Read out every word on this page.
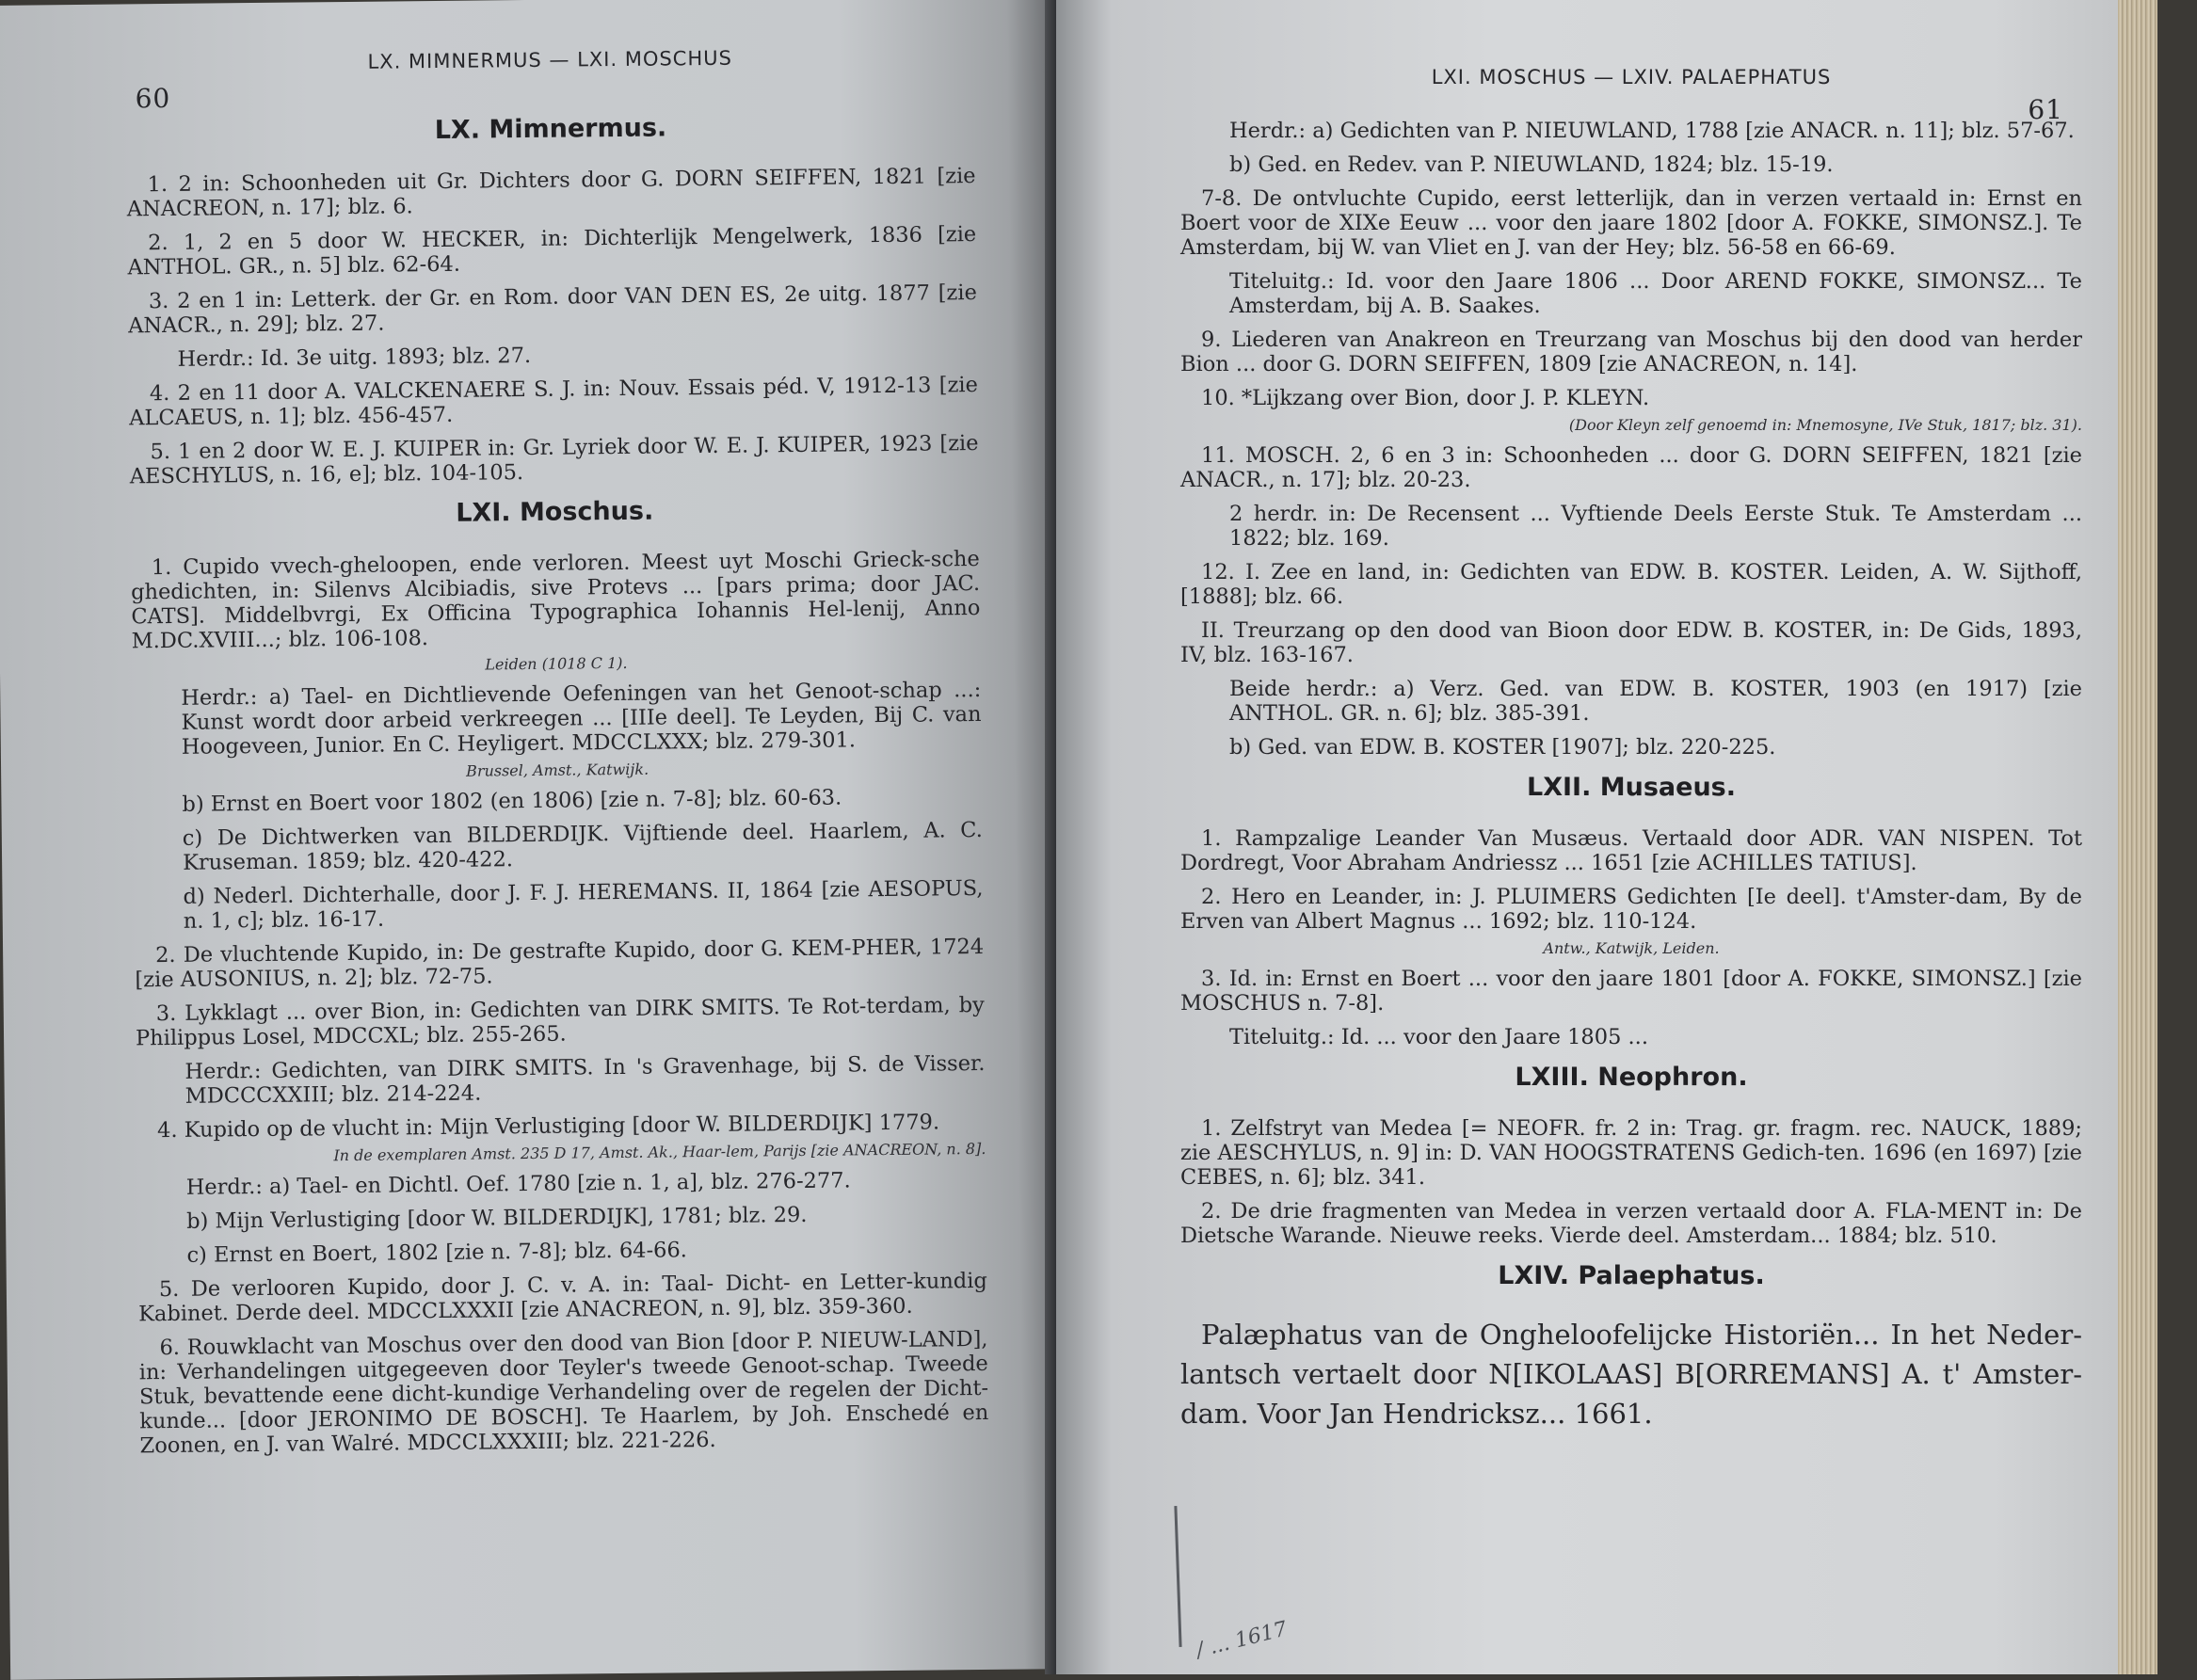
60
LX. MIMNERMUS — LXI. MOSCHUS
LX. Mimnermus.

1. 2 in: Schoonheden uit Gr. Dichters door G. DORN SEIFFEN, 1821 [zie ANACREON, n. 17]; blz. 6.

2. 1, 2 en 5 door W. HECKER, in: Dichterlijk Mengelwerk, 1836 [zie ANTHOL. GR., n. 5] blz. 62-64.

3. 2 en 1 in: Letterk. der Gr. en Rom. door VAN DEN ES, 2e uitg. 1877 [zie ANACR., n. 29]; blz. 27.

Herdr.: Id. 3e uitg. 1893; blz. 27.

4. 2 en 11 door A. VALCKENAERE S. J. in: Nouv. Essais péd. V, 1912-13 [zie ALCAEUS, n. 1]; blz. 456-457.

5. 1 en 2 door W. E. J. KUIPER in: Gr. Lyriek door W. E. J. KUIPER, 1923 [zie AESCHYLUS, n. 16, e]; blz. 104-105.

LXI. Moschus.

1. Cupido vvech-gheloopen, ende verloren. Meest uyt Moschi Grieck-sche ghedichten, in: Silenvs Alcibiadis, sive Protevs ... [pars prima; door JAC. CATS]. Middelbvrgi, Ex Officina Typographica Iohannis Hel-lenij, Anno M.DC.XVIII...; blz. 106-108.

Leiden (1018 C 1).

Herdr.: a) Tael- en Dichtlievende Oefeningen van het Genoot-schap ...: Kunst wordt door arbeid verkreegen ... [IIIe deel]. Te Leyden, Bij C. van Hoogeveen, Junior. En C. Heyligert. MDCCLXXX; blz. 279-301.

Brussel, Amst., Katwijk.

b) Ernst en Boert voor 1802 (en 1806) [zie n. 7-8]; blz. 60-63.

c) De Dichtwerken van BILDERDIJK. Vijftiende deel. Haarlem, A. C. Kruseman. 1859; blz. 420-422.

d) Nederl. Dichterhalle, door J. F. J. HEREMANS. II, 1864 [zie AESOPUS, n. 1, c]; blz. 16-17.

2. De vluchtende Kupido, in: De gestrafte Kupido, door G. KEM-PHER, 1724 [zie AUSONIUS, n. 2]; blz. 72-75.

3. Lykklagt ... over Bion, in: Gedichten van DIRK SMITS. Te Rot-terdam, by Philippus Losel, MDCCXL; blz. 255-265.

Herdr.: Gedichten, van DIRK SMITS. In 's Gravenhage, bij S. de Visser. MDCCCXXIII; blz. 214-224.

4. Kupido op de vlucht in: Mijn Verlustiging [door W. BILDERDIJK] 1779.

In de exemplaren Amst. 235 D 17, Amst. Ak., Haar-lem, Parijs [zie ANACREON, n. 8].

Herdr.: a) Tael- en Dichtl. Oef. 1780 [zie n. 1, a], blz. 276-277.

b) Mijn Verlustiging [door W. BILDERDIJK], 1781; blz. 29.

c) Ernst en Boert, 1802 [zie n. 7-8]; blz. 64-66.

5. De verlooren Kupido, door J. C. v. A. in: Taal- Dicht- en Letter-kundig Kabinet. Derde deel. MDCCLXXXII [zie ANACREON, n. 9], blz. 359-360.

6. Rouwklacht van Moschus over den dood van Bion [door P. NIEUW-LAND], in: Verhandelingen uitgegeeven door Teyler's tweede Genoot-schap. Tweede Stuk, bevattende eene dicht-kundige Verhandeling over de regelen der Dicht-kunde... [door JERONIMO DE BOSCH]. Te Haarlem, by Joh. Enschedé en Zoonen, en J. van Walré. MDCCLXXXIII; blz. 221-226.

LXI. MOSCHUS — LXIV. PALAEPHATUS
61

Herdr.: a) Gedichten van P. NIEUWLAND, 1788 [zie ANACR. n. 11]; blz. 57-67.

b) Ged. en Redev. van P. NIEUWLAND, 1824; blz. 15-19.

7-8. De ontvluchte Cupido, eerst letterlijk, dan in verzen vertaald in: Ernst en Boert voor de XIXe Eeuw ... voor den jaare 1802 [door A. FOKKE, SIMONSZ.]. Te Amsterdam, bij W. van Vliet en J. van der Hey; blz. 56-58 en 66-69.

Titeluitg.: Id. voor den Jaare 1806 ... Door AREND FOKKE, SIMONSZ... Te Amsterdam, bij A. B. Saakes.

9. Liederen van Anakreon en Treurzang van Moschus bij den dood van herder Bion ... door G. DORN SEIFFEN, 1809 [zie ANACREON, n. 14].

10. *Lijkzang over Bion, door J. P. KLEYN.

(Door Kleyn zelf genoemd in: Mnemosyne, IVe Stuk, 1817; blz. 31).

11. MOSCH. 2, 6 en 3 in: Schoonheden ... door G. DORN SEIFFEN, 1821 [zie ANACR., n. 17]; blz. 20-23.

2 herdr. in: De Recensent ... Vyftiende Deels Eerste Stuk. Te Amsterdam ... 1822; blz. 169.

12. I. Zee en land, in: Gedichten van EDW. B. KOSTER. Leiden, A. W. Sijthoff, [1888]; blz. 66.

II. Treurzang op den dood van Bioon door EDW. B. KOSTER, in: De Gids, 1893, IV, blz. 163-167.

Beide herdr.: a) Verz. Ged. van EDW. B. KOSTER, 1903 (en 1917) [zie ANTHOL. GR. n. 6]; blz. 385-391.

b) Ged. van EDW. B. KOSTER [1907]; blz. 220-225.

LXII. Musaeus.

1. Rampzalige Leander Van Musæus. Vertaald door ADR. VAN NISPEN. Tot Dordregt, Voor Abraham Andriessz ... 1651 [zie ACHILLES TATIUS].

2. Hero en Leander, in: J. PLUIMERS Gedichten [Ie deel]. t'Amster-dam, By de Erven van Albert Magnus ... 1692; blz. 110-124.

Antw., Katwijk, Leiden.

3. Id. in: Ernst en Boert ... voor den jaare 1801 [door A. FOKKE, SIMONSZ.] [zie MOSCHUS n. 7-8].

Titeluitg.: Id. ... voor den Jaare 1805 ...

LXIII. Neophron.

1. Zelfstryt van Medea [= NEOFR. fr. 2 in: Trag. gr. fragm. rec. NAUCK, 1889; zie AESCHYLUS, n. 9] in: D. VAN HOOGSTRATENS Gedich-ten. 1696 (en 1697) [zie CEBES, n. 6]; blz. 341.

2. De drie fragmenten van Medea in verzen vertaald door A. FLA-MENT in: De Dietsche Warande. Nieuwe reeks. Vierde deel. Amsterdam... 1884; blz. 510.

LXIV. Palaephatus.

Palæphatus van de Ongheloofelijcke Historiën... In het Neder-lantsch vertaelt door N[IKOLAAS] B[ORREMANS] A. t' Amster-dam. Voor Jan Hendricksz... 1661.

/ ... 1617
